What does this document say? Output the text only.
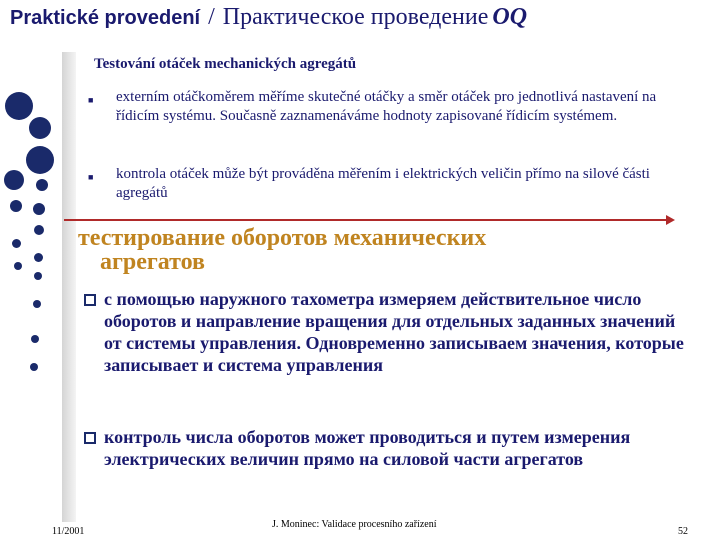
Praktické provedení / Практическое проведение OQ
Testování otáček mechanických agregátů
■ externím otáčkoměrem měříme skutečné otáčky a směr otáček pro jednotlivá nastavení na řídicím systému. Současně zaznamenáváme hodnoty zapisované řídicím systémem.
■ kontrola otáček může být prováděna měřením i elektrických veličin přímo na silové části agregátů
тестирование оборотов механических
агрегатов
с помощью наружного тахометра измеряем действительное число оборотов и направление вращения для отдельных заданных значений от системы управления. Одновременно записываем значения, которые записывает и система управления
контроль числа оборотов может проводиться и путем измерения электрических величин прямо на силовой части агрегатов
11/2001
J. Moninec: Validace procesního zařízení
52
